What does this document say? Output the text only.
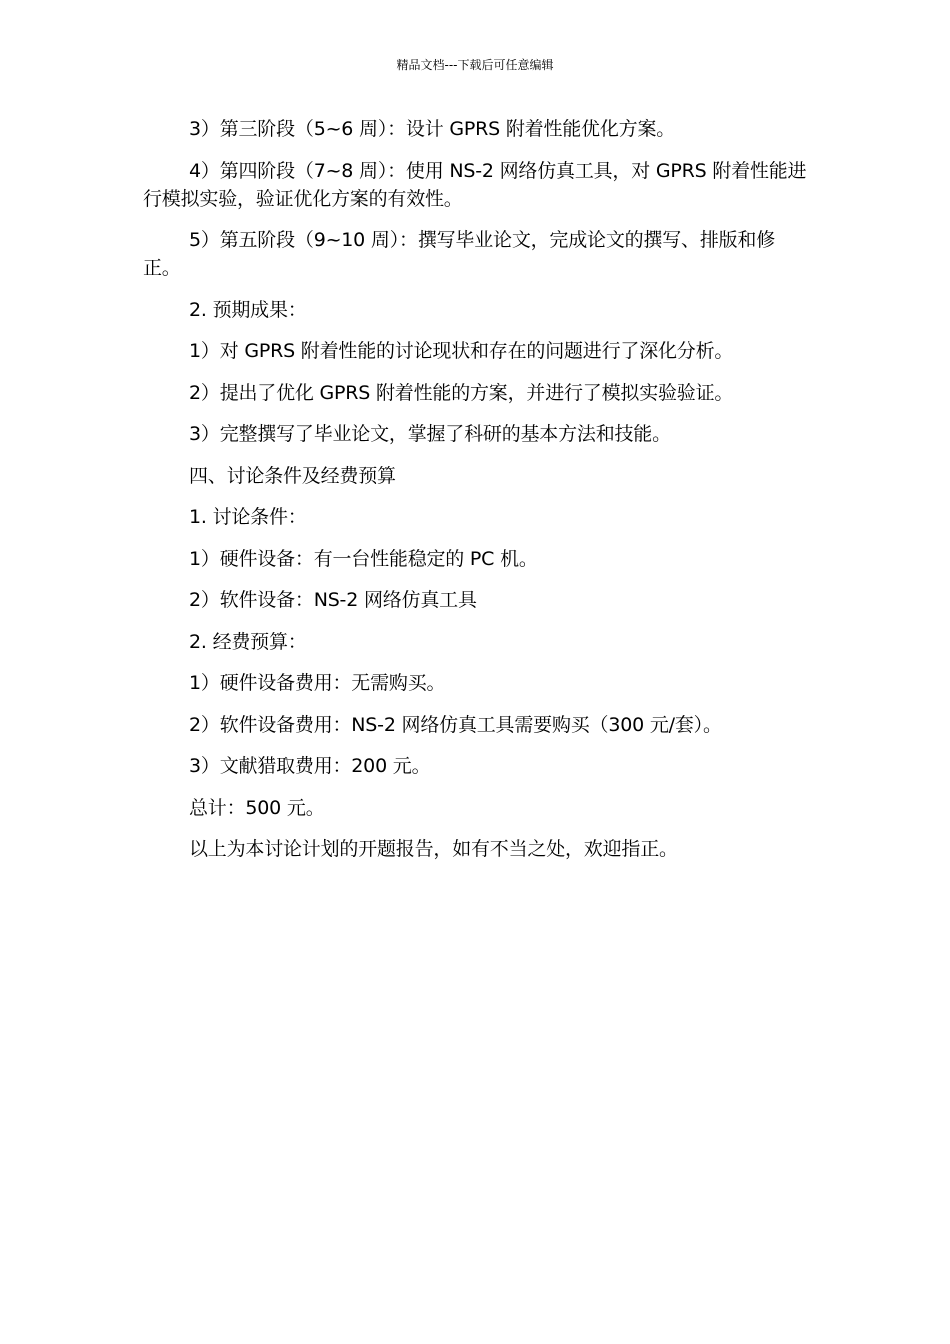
精品文档---下载后可任意编辑

3）第三阶段（5~6 周）：设计 GPRS 附着性能优化方案。

4）第四阶段（7~8 周）：使用 NS-2 网络仿真工具，对 GPRS 附着性能进行模拟实验，验证优化方案的有效性。

5）第五阶段（9~10 周）：撰写毕业论文，完成论文的撰写、排版和修正。

2. 预期成果：

1）对 GPRS 附着性能的讨论现状和存在的问题进行了深化分析。

2）提出了优化 GPRS 附着性能的方案，并进行了模拟实验验证。

3）完整撰写了毕业论文，掌握了科研的基本方法和技能。

四、讨论条件及经费预算

1. 讨论条件：

1）硬件设备：有一台性能稳定的 PC 机。

2）软件设备：NS-2 网络仿真工具

2. 经费预算：

1）硬件设备费用：无需购买。

2）软件设备费用：NS-2 网络仿真工具需要购买（300 元/套）。

3）文献猎取费用：200 元。

总计：500 元。

以上为本讨论计划的开题报告，如有不当之处，欢迎指正。
